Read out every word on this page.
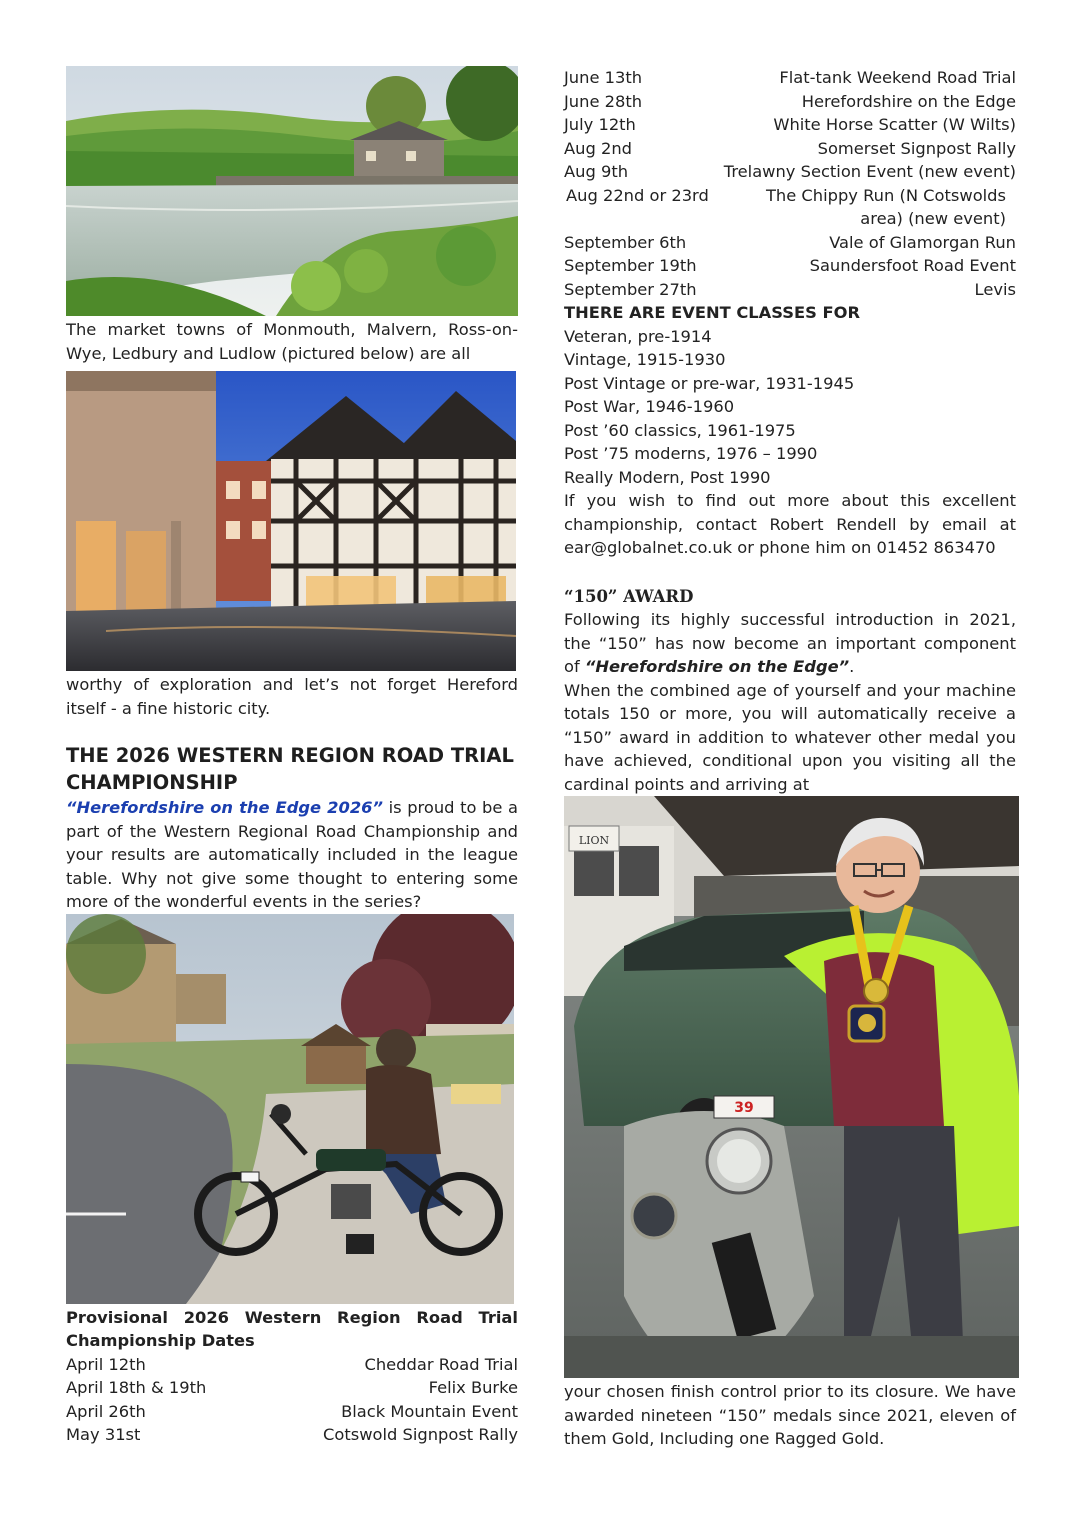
The market towns of Monmouth, Malvern, Ross-on-Wye, Ledbury and Ludlow (pictured below) are all

worthy of exploration and let’s not forget Hereford itself - a fine historic city.

THE 2026 WESTERN REGION ROAD TRIAL CHAMPIONSHIP

“Herefordshire on the Edge 2026” is proud to be a part of the Western Regional Road Championship and your results are automatically included in the league table. Why not give some thought to entering some more of the wonderful events in the series?

Provisional 2026 Western Region Road Trial Championship Dates
April 12th	Cheddar Road Trial
April 18th & 19th	Felix Burke
April 26th	Black Mountain Event
May 31st	Cotswold Signpost Rally
June 13th	Flat-tank Weekend Road Trial
June 28th	Herefordshire on the Edge
July 12th	White Horse Scatter (W Wilts)
Aug 2nd	Somerset Signpost Rally
Aug 9th	Trelawny Section Event (new event)
Aug 22nd or 23rd	The Chippy Run (N Cotswolds
area) (new event)
September 6th	Vale of Glamorgan Run
September 19th	Saundersfoot Road Event
September 27th	Levis
THERE ARE EVENT CLASSES FOR
Veteran, pre-1914
Vintage, 1915-1930
Post Vintage or pre-war, 1931-1945
Post War, 1946-1960
Post ’60 classics, 1961-1975
Post ’75 moderns, 1976 – 1990
Really Modern, Post 1990

If you wish to find out more about this excellent championship, contact Robert Rendell by email at ear@globalnet.co.uk or phone him on 01452 863470

“150” AWARD

Following its highly successful introduction in 2021, the “150” has now become an important component of “Herefordshire on the Edge”.

When the combined age of yourself and your machine totals 150 or more, you will automatically receive a “150” award in addition to whatever other medal you have achieved, conditional upon you visiting all the cardinal points and arriving at

LION
39

your chosen finish control prior to its closure. We have awarded nineteen “150” medals since 2021, eleven of them Gold, Including one Ragged Gold.
